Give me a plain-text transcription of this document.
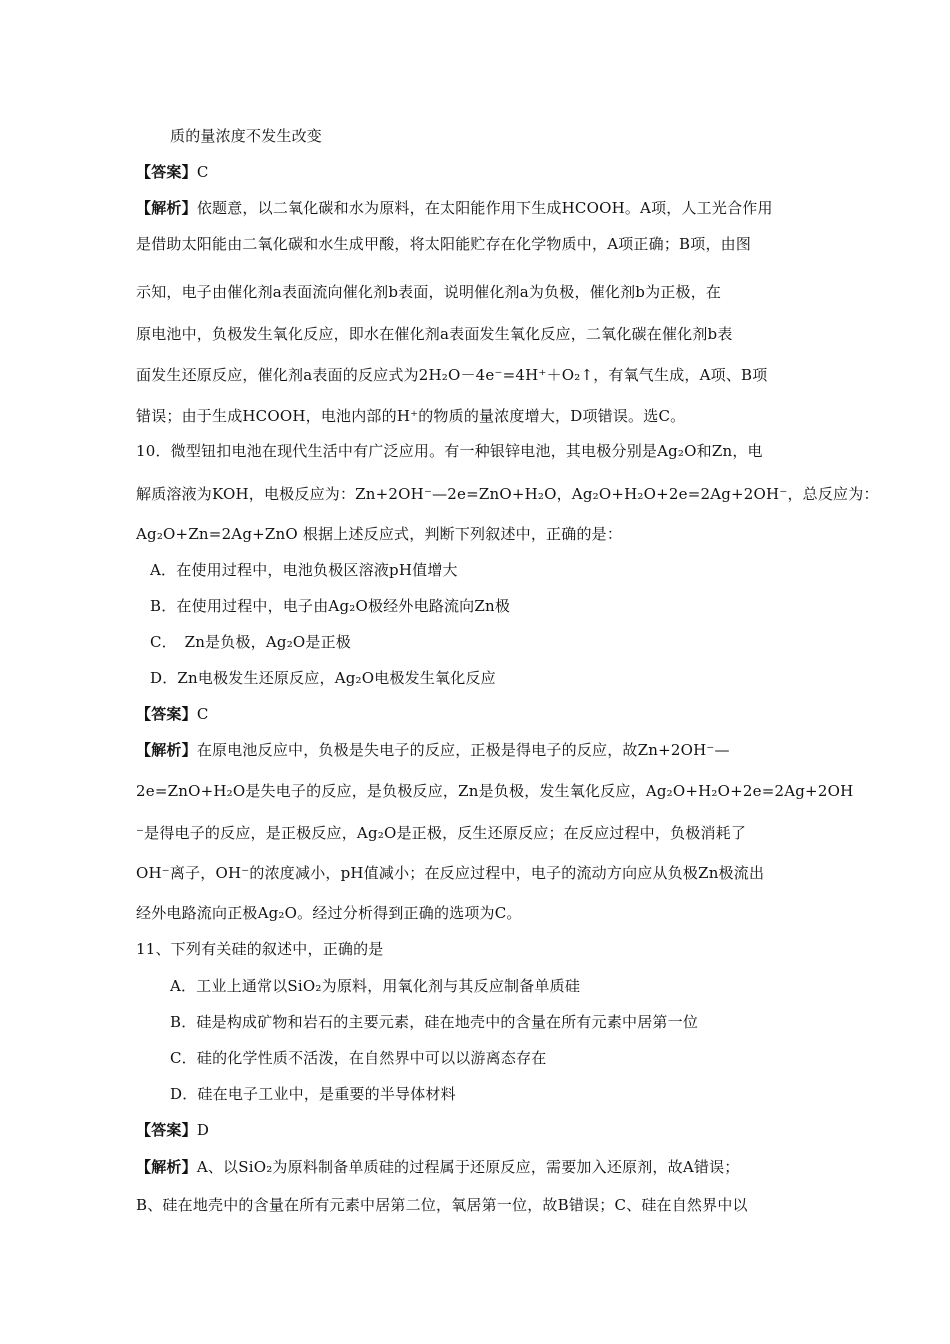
质的量浓度不发生改变
【答案】C
【解析】依题意，以二氧化碳和水为原料，在太阳能作用下生成HCOOH。A项，人工光合作用
是借助太阳能由二氧化碳和水生成甲酸，将太阳能贮存在化学物质中，A项正确；B项，由图
示知，电子由催化剂a表面流向催化剂b表面，说明催化剂a为负极，催化剂b为正极，在
原电池中，负极发生氧化反应，即水在催化剂a表面发生氧化反应，二氧化碳在催化剂b表
面发生还原反应，催化剂a表面的反应式为2H₂O－4e⁻=4H⁺＋O₂↑，有氧气生成，A项、B项
错误；由于生成HCOOH，电池内部的H⁺的物质的量浓度增大，D项错误。选C。
10．微型钮扣电池在现代生活中有广泛应用。有一种银锌电池，其电极分别是Ag₂O和Zn，电
解质溶液为KOH，电极反应为：Zn+2OH⁻—2e=ZnO+H₂O，Ag₂O+H₂O+2e=2Ag+2OH⁻，总反应为：
Ag₂O+Zn=2Ag+ZnO 根据上述反应式，判断下列叙述中，正确的是：
A．在使用过程中，电池负极区溶液pH值增大
B．在使用过程中，电子由Ag₂O极经外电路流向Zn极
C．　Zn是负极，Ag₂O是正极
D．Zn电极发生还原反应，Ag₂O电极发生氧化反应
【答案】C
【解析】在原电池反应中，负极是失电子的反应，正极是得电子的反应，故Zn+2OH⁻—
2e=ZnO+H₂O是失电子的反应，是负极反应，Zn是负极，发生氧化反应，Ag₂O+H₂O+2e=2Ag+2OH
⁻是得电子的反应，是正极反应，Ag₂O是正极，反生还原反应；在反应过程中，负极消耗了
OH⁻离子，OH⁻的浓度减小，pH值减小；在反应过程中，电子的流动方向应从负极Zn极流出
经外电路流向正极Ag₂O。经过分析得到正确的选项为C。
11、下列有关硅的叙述中，正确的是
A．工业上通常以SiO₂为原料，用氧化剂与其反应制备单质硅
B．硅是构成矿物和岩石的主要元素，硅在地壳中的含量在所有元素中居第一位
C．硅的化学性质不活泼，在自然界中可以以游离态存在
D．硅在电子工业中，是重要的半导体材料
【答案】D
【解析】A、以SiO₂为原料制备单质硅的过程属于还原反应，需要加入还原剂，故A错误；
B、硅在地壳中的含量在所有元素中居第二位，氧居第一位，故B错误；C、硅在自然界中以
